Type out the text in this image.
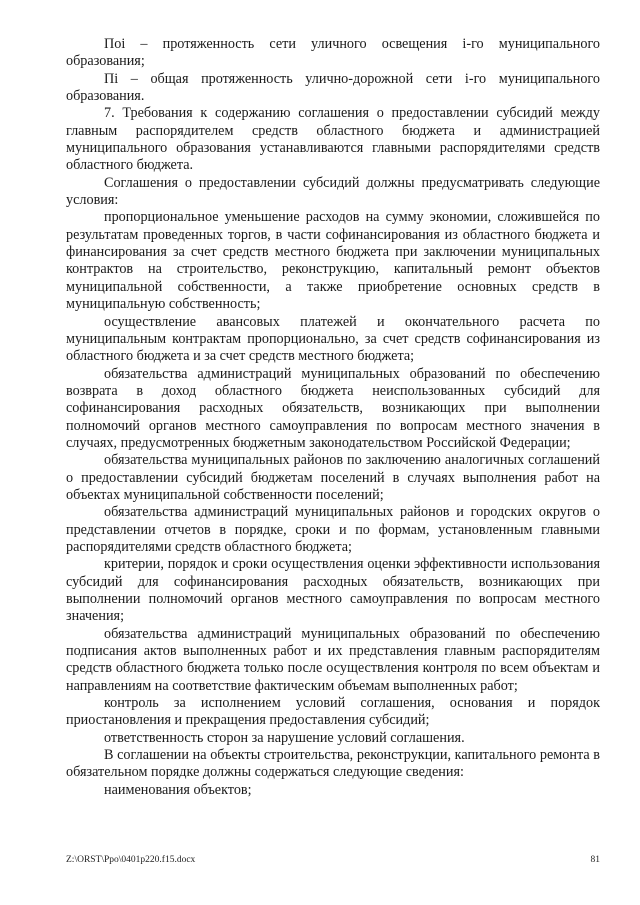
Поі – протяженность сети уличного освещения і-го муниципального образования;

Пі – общая протяженность улично-дорожной сети і-го муниципального образования.

7. Требования к содержанию соглашения о предоставлении субсидий между главным распорядителем средств областного бюджета и администрацией муниципального образования устанавливаются главными распорядителями средств областного бюджета.

Соглашения о предоставлении субсидий должны предусматривать следующие условия:

пропорциональное уменьшение расходов на сумму экономии, сложившейся по результатам проведенных торгов, в части софинансирования из областного бюджета и финансирования за счет средств местного бюджета при заключении муниципальных контрактов на строительство, реконструкцию, капитальный ремонт объектов муниципальной собственности, а также приобретение основных средств в муниципальную собственность;

осуществление авансовых платежей и окончательного расчета по муниципальным контрактам пропорционально, за счет средств софинансирования из областного бюджета и за счет средств местного бюджета;

обязательства администраций муниципальных образований по обеспечению возврата в доход областного бюджета неиспользованных субсидий для софинансирования расходных обязательств, возникающих при выполнении полномочий органов местного самоуправления по вопросам местного значения в случаях, предусмотренных бюджетным законодательством Российской Федерации;

обязательства муниципальных районов по заключению аналогичных соглашений о предоставлении субсидий бюджетам поселений в случаях выполнения работ на объектах муниципальной собственности поселений;

обязательства администраций муниципальных районов и городских округов о представлении отчетов в порядке, сроки и по формам, установленным главными распорядителями средств областного бюджета;

критерии, порядок и сроки осуществления оценки эффективности использования субсидий для софинансирования расходных обязательств, возникающих при выполнении полномочий органов местного самоуправления по вопросам местного значения;

обязательства администраций муниципальных образований по обеспечению подписания актов выполненных работ и их представления главным распорядителям средств областного бюджета только после осуществления контроля по всем объектам и направлениям на соответствие фактическим объемам выполненных работ;

контроль за исполнением условий соглашения, основания и порядок приостановления и прекращения предоставления субсидий;

ответственность сторон за нарушение условий соглашения.

В соглашении на объекты строительства, реконструкции, капитального ремонта в обязательном порядке должны содержаться следующие сведения:

наименования объектов;

Z:\ORST\Ppo\0401p220.f15.docx	81
